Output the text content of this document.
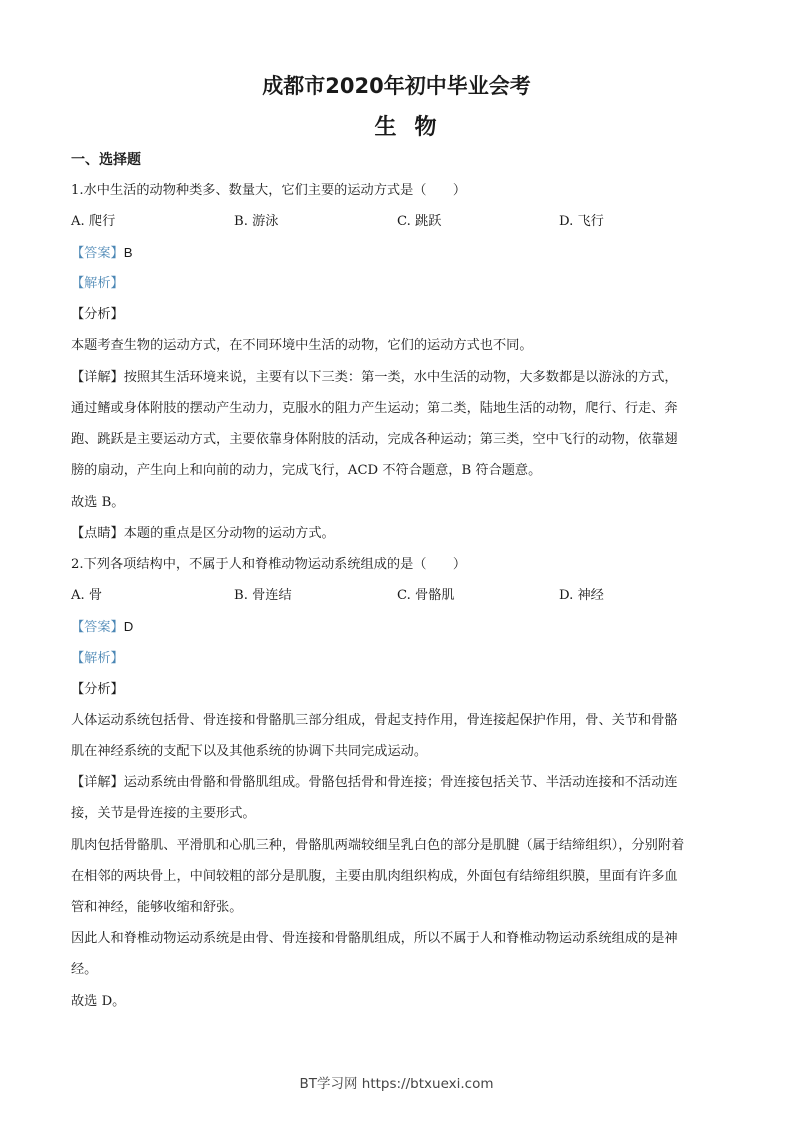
成都市2020年初中毕业会考
生物
一、选择题
1.水中生活的动物种类多、数量大，它们主要的运动方式是（　　）
A. 爬行	B. 游泳	C. 跳跃	D. 飞行
【答案】B
【解析】
【分析】
本题考查生物的运动方式，在不同环境中生活的动物，它们的运动方式也不同。
【详解】按照其生活环境来说，主要有以下三类：第一类，水中生活的动物，大多数都是以游泳的方式，
通过鳍或身体附肢的摆动产生动力，克服水的阻力产生运动；第二类，陆地生活的动物，爬行、行走、奔
跑、跳跃是主要运动方式，主要依靠身体附肢的活动，完成各种运动；第三类，空中飞行的动物，依靠翅
膀的扇动，产生向上和向前的动力，完成飞行，ACD 不符合题意，B 符合题意。
故选 B。
【点睛】本题的重点是区分动物的运动方式。
2.下列各项结构中，不属于人和脊椎动物运动系统组成的是（　　）
A. 骨	B. 骨连结	C. 骨骼肌	D. 神经
【答案】D
【解析】
【分析】
人体运动系统包括骨、骨连接和骨骼肌三部分组成，骨起支持作用，骨连接起保护作用，骨、关节和骨骼
肌在神经系统的支配下以及其他系统的协调下共同完成运动。
【详解】运动系统由骨骼和骨骼肌组成。骨骼包括骨和骨连接；骨连接包括关节、半活动连接和不活动连
接，关节是骨连接的主要形式。
肌肉包括骨骼肌、平滑肌和心肌三种，骨骼肌两端较细呈乳白色的部分是肌腱（属于结缔组织），分别附着
在相邻的两块骨上，中间较粗的部分是肌腹，主要由肌肉组织构成，外面包有结缔组织膜，里面有许多血
管和神经，能够收缩和舒张。
因此人和脊椎动物运动系统是由骨、骨连接和骨骼肌组成，所以不属于人和脊椎动物运动系统组成的是神
经。
故选 D。
BT学习网 https://btxuexi.com
